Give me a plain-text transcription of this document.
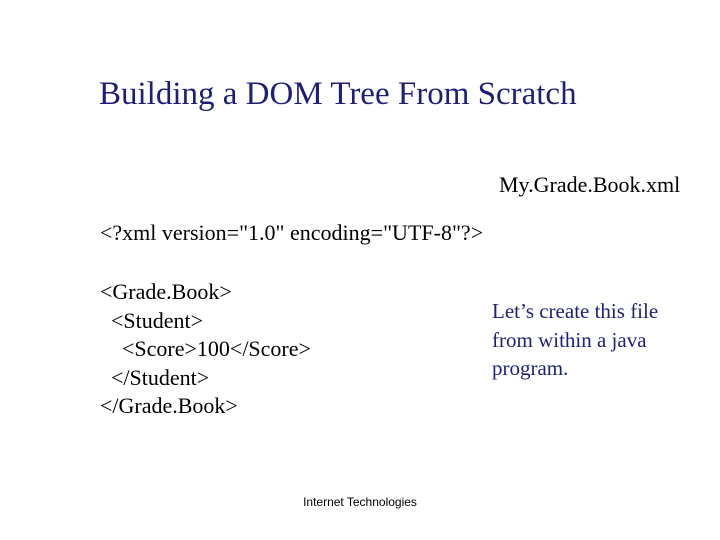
Building a DOM Tree From Scratch
My.Grade.Book.xml
<?xml version="1.0" encoding="UTF-8"?>
<Grade.Book>
<Student>
<Score>100</Score>
</Student>
</Grade.Book>
Let’s create this file
from within a java
program.
Internet Technologies
